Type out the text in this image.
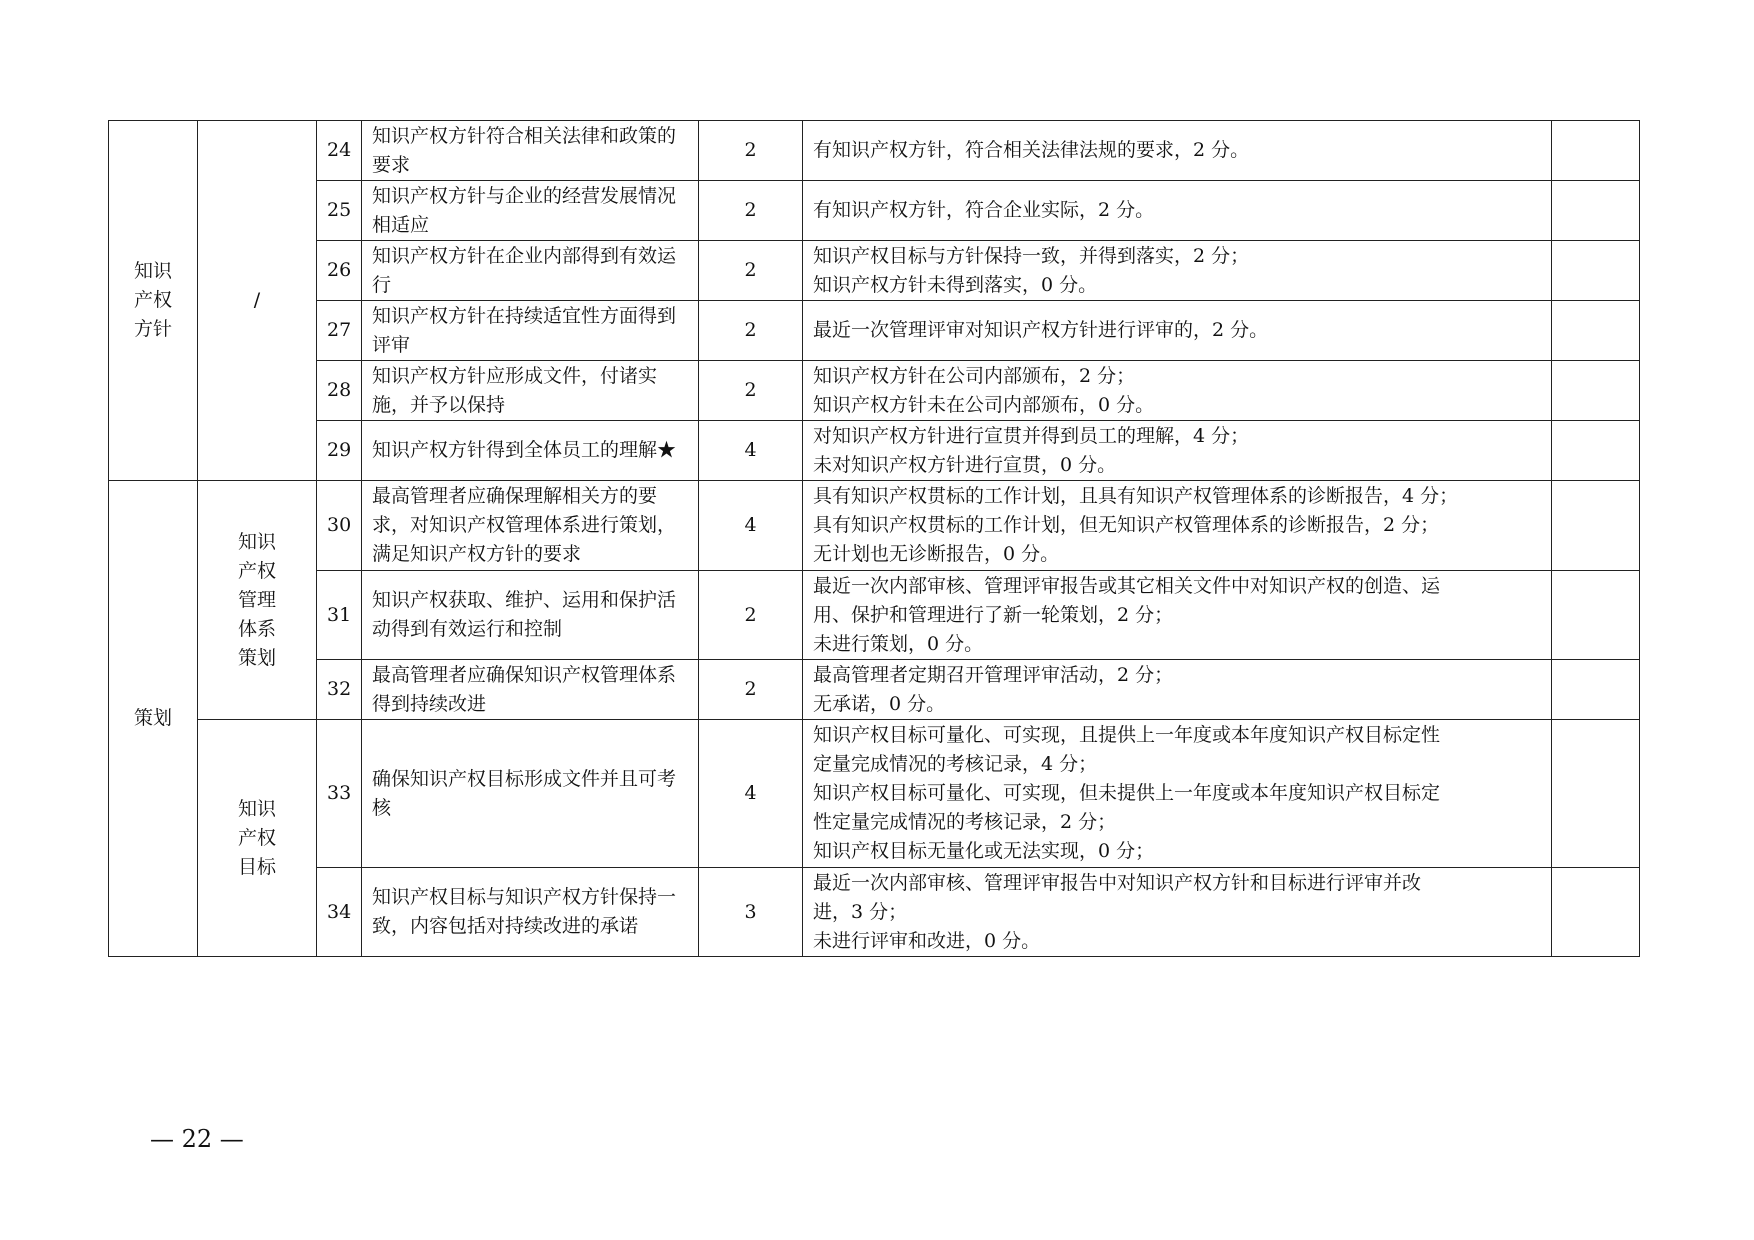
知识
产权
方针	/	24	知识产权方针符合相关法律和政策的要求	2	有知识产权方针，符合相关法律法规的要求，2 分。	

		25	知识产权方针与企业的经营发展情况相适应	2	有知识产权方针，符合企业实际，2 分。	

		26	知识产权方针在企业内部得到有效运行	2	知识产权目标与方针保持一致，并得到落实，2 分；
知识产权方针未得到落实，0 分。	

		27	知识产权方针在持续适宜性方面得到评审	2	最近一次管理评审对知识产权方针进行评审的，2 分。	

		28	知识产权方针应形成文件，付诸实施，并予以保持	2	知识产权方针在公司内部颁布，2 分；
知识产权方针未在公司内部颁布，0 分。	

		29	知识产权方针得到全体员工的理解★	4	对知识产权方针进行宣贯并得到员工的理解，4 分；
未对知识产权方针进行宣贯，0 分。	

策划	知识
产权
管理
体系
策划	30	最高管理者应确保理解相关方的要求，对知识产权管理体系进行策划，满足知识产权方针的要求	4	具有知识产权贯标的工作计划，且具有知识产权管理体系的诊断报告，4 分；
具有知识产权贯标的工作计划，但无知识产权管理体系的诊断报告，2 分；
无计划也无诊断报告，0 分。	

		31	知识产权获取、维护、运用和保护活动得到有效运行和控制	2	最近一次内部审核、管理评审报告或其它相关文件中对知识产权的创造、运
用、保护和管理进行了新一轮策划，2 分；
未进行策划，0 分。	

		32	最高管理者应确保知识产权管理体系得到持续改进	2	最高管理者定期召开管理评审活动，2 分；
无承诺，0 分。	

	知识
产权
目标	33	确保知识产权目标形成文件并且可考核	4	知识产权目标可量化、可实现，且提供上一年度或本年度知识产权目标定性
定量完成情况的考核记录，4 分；
知识产权目标可量化、可实现，但未提供上一年度或本年度知识产权目标定
性定量完成情况的考核记录，2 分；
知识产权目标无量化或无法实现，0 分；	

		34	知识产权目标与知识产权方针保持一致，内容包括对持续改进的承诺	3	最近一次内部审核、管理评审报告中对知识产权方针和目标进行评审并改
进，3 分；
未进行评审和改进，0 分。	

— 22 —
